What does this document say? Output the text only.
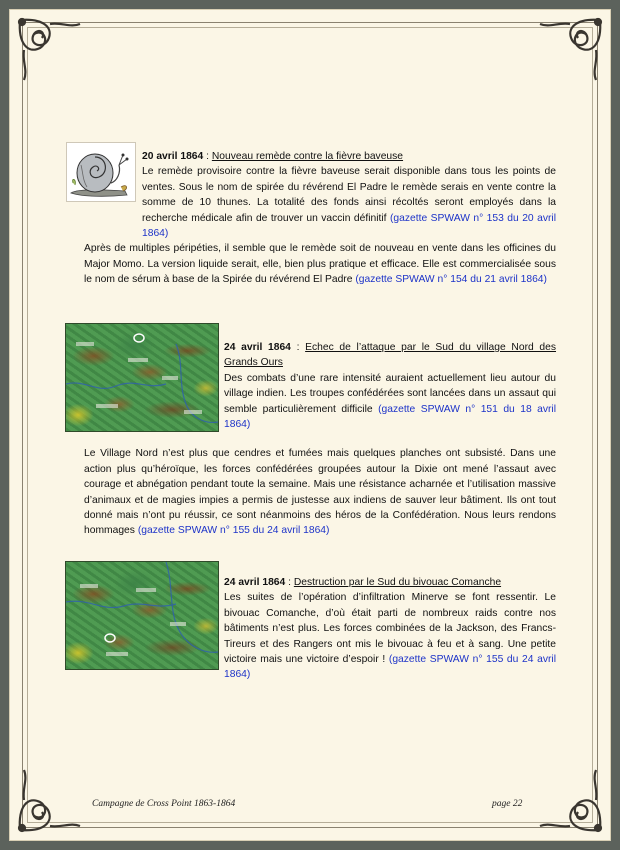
20 avril 1864 : Nouveau remède contre la fièvre baveuse
Le remède provisoire contre la fièvre baveuse serait disponible dans tous les points de ventes. Sous le nom de spirée du révérend El Padre le remède serais en vente contre la somme de 10 thunes. La totalité des fonds ainsi récoltés seront employés dans la recherche médicale afin de trouver un vaccin définitif (gazette SPWAW n° 153 du 20 avril 1864)

Après de multiples péripéties, il semble que le remède soit de nouveau en vente dans les officines du Major Momo. La version liquide serait, elle, bien plus pratique et efficace. Elle est commercialisée sous le nom de sérum à base de la Spirée du révérend El Padre (gazette SPWAW n° 154 du 21 avril 1864)

24 avril 1864 : Echec de l’attaque par le Sud du village Nord des Grands Ours
Des combats d’une rare intensité auraient actuellement lieu autour du village indien. Les troupes confédérées sont lancées dans un assaut qui semble particulièrement difficile (gazette SPWAW n° 151 du 18 avril 1864)

Le Village Nord n’est plus que cendres et fumées mais quelques planches ont subsisté. Dans une action plus qu’héroïque, les forces confédérées groupées autour la Dixie ont mené l’assaut avec courage et abnégation pendant toute la semaine. Mais une résistance acharnée et l’utilisation massive d’animaux et de magies impies a permis de justesse aux indiens de sauver leur bâtiment. Ils ont tout donné mais n’ont pu réussir, ce sont néanmoins des héros de la Confédération. Nous leurs rendons hommages (gazette SPWAW n° 155 du 24 avril 1864)

24 avril 1864 : Destruction par le Sud du bivouac Comanche
Les suites de l’opération d’infiltration Minerve se font ressentir. Le bivouac Comanche, d’où était parti de nombreux raids contre nos bâtiments n’est plus. Les forces combinées de la Jackson, des Francs-Tireurs et des Rangers ont mis le bivouac à feu et à sang. Une petite victoire mais une victoire d’espoir ! (gazette SPWAW n° 155 du 24 avril 1864)

Campagne de Cross Point 1863-1864	page 22
